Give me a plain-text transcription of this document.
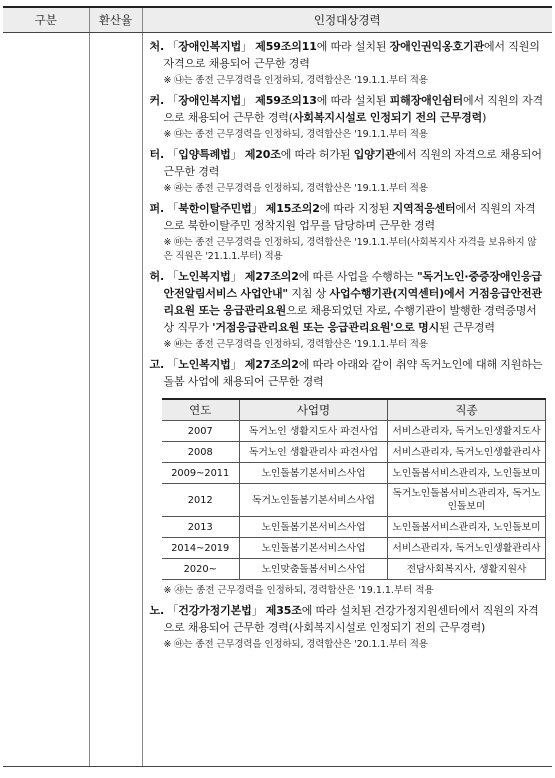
구분	환산율	인정대상경력

처. 「장애인복지법」 제59조의11에 따라 설치된 장애인권익옹호기관에서 직원의 자격으로 채용되어 근무한 경력
※ ㉯는 종전 근무경력을 인정하되, 경력합산은 '19.1.1.부터 적용
커. 「장애인복지법」 제59조의13에 따라 설치된 피해장애인쉼터에서 직원의 자격으로 채용되어 근무한 경력(사회복지시설로 인정되기 전의 근무경력)
※ ㉰는 종전 근무경력을 인정하되, 경력합산은 '19.1.1.부터 적용
터. 「입양특례법」 제20조에 따라 허가된 입양기관에서 직원의 자격으로 채용되어 근무한 경력
※ ㉱는 종전 근무경력을 인정하되, 경력합산은 '19.1.1.부터 적용
퍼. 「북한이탈주민법」 제15조의2에 따라 지정된 지역적응센터에서 직원의 자격으로 북한이탈주민 정착지원 업무를 담당하며 근무한 경력
※ ㉲는 종전 근무경력을 인정하되, 경력합산은 '19.1.1.부터(사회복지사 자격을 보유하지 않은 직원은 '21.1.1.부터) 적용
허. 「노인복지법」 제27조의2에 따른 사업을 수행하는 "독거노인·중증장애인응급안전알림서비스 사업안내" 지침 상 사업수행기관(지역센터)에서 거점응급안전관리요원 또는 응급관리요원으로 채용되었던 자로, 수행기관이 발행한 경력증명서상 직무가 '거점응급관리요원 또는 응급관리요원'으로 명시된 근무경력
※ ㉳는 종전 근무경력을 인정하되, 경력합산은 '19.1.1.부터 적용
고. 「노인복지법」 제27조의2에 따라 아래와 같이 취약 독거노인에 대해 지원하는 돌봄 사업에 채용되어 근무한 경력
연도	사업명	직종
2007	독거노인 생활지도사 파견사업	서비스관리자, 독거노인생활지도사
2008	독거노인 생활관리사 파견사업	서비스관리자, 독거노인생활관리사
2009~2011	노인돌봄기본서비스사업	노인돌봄서비스관리자, 노인돌보미
2012	독거노인돌봄기본서비스사업	독거노인돌봄서비스관리자, 독거노인돌보미
2013	노인돌봄기본서비스사업	노인돌봄서비스관리자, 노인돌보미
2014~2019	노인돌봄기본서비스사업	서비스관리자, 독거노인생활관리사
2020~	노인맞춤돌봄서비스사업	전담사회복지사, 생활지원사
※ ㉴는 종전 근무경력을 인정하되, 경력합산은 '19.1.1.부터 적용
노. 「건강가정기본법」 제35조에 따라 설치된 건강가정지원센터에서 직원의 자격으로 채용되어 근무한 경력(사회복지시설로 인정되기 전의 근무경력)
※ ㉵는 종전 근무경력을 인정하되, 경력합산은 '20.1.1.부터 적용
